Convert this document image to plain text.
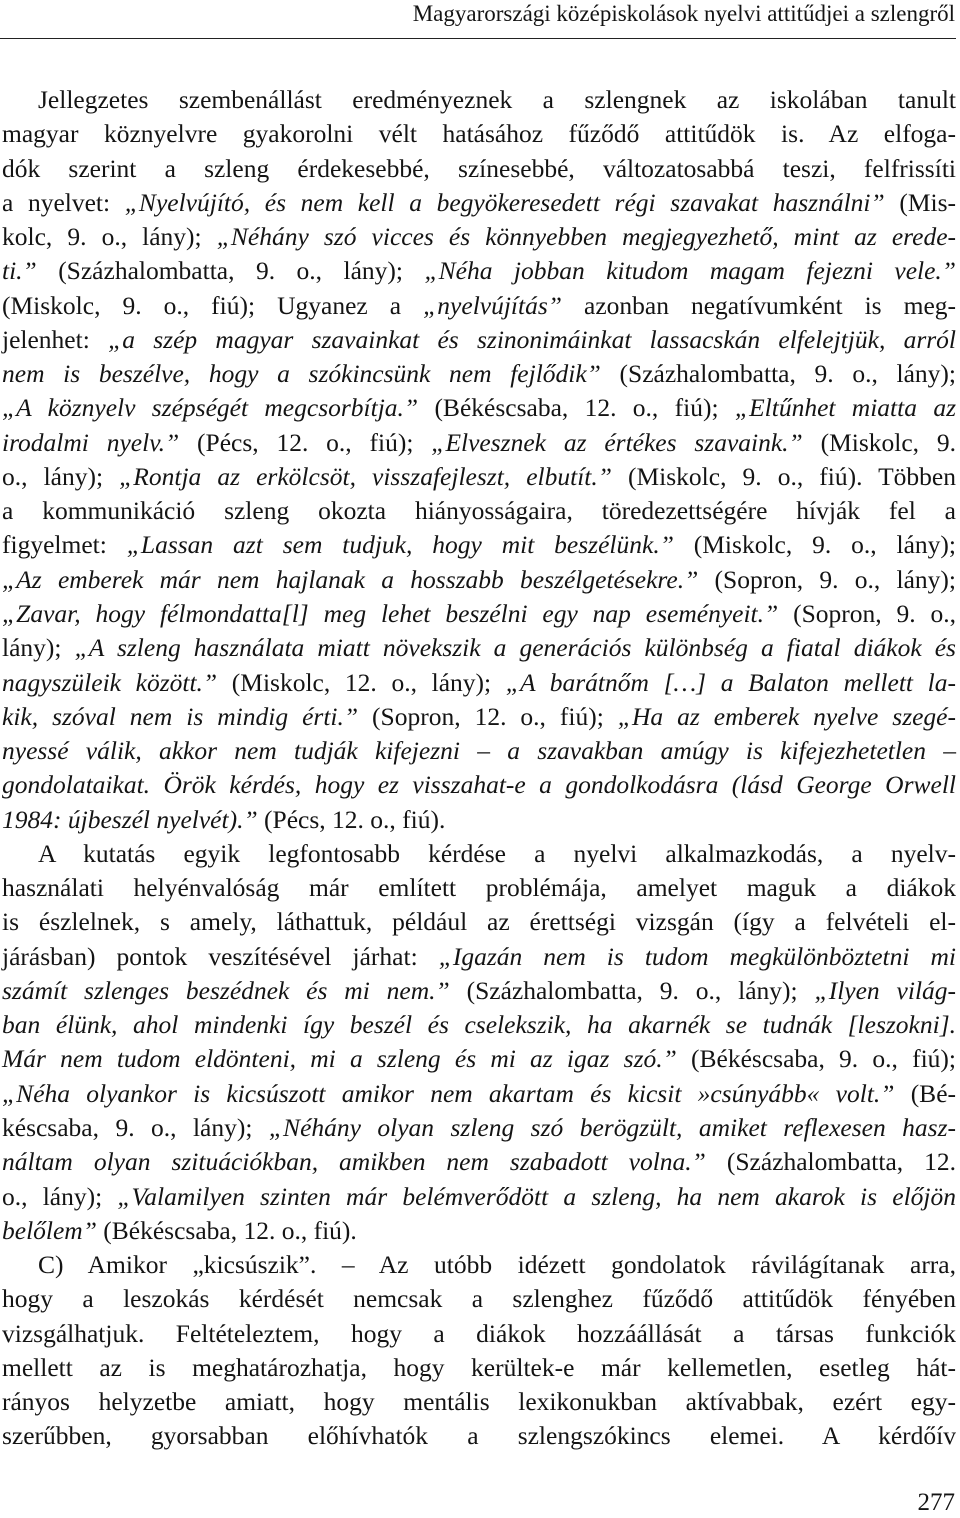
Magyarországi középiskolások nyelvi attitűdjei a szlengről
Jellegzetes szembenállást eredményeznek a szlengnek az iskolában tanult
magyar köznyelvre gyakorolni vélt hatásához fűződő attitűdök is. Az elfoga-
dók szerint a szleng érdekesebbé, színesebbé, változatosabbá teszi, felfrissíti
a nyelvet: „Nyelvújító, és nem kell a begyökeresedett régi szavakat használni” (Mis-
kolc, 9. o., lány); „Néhány szó vicces és könnyebben megjegyezhető, mint az erede-
ti.” (Százhalombatta, 9. o., lány); „Néha jobban kitudom magam fejezni vele.”
(Miskolc, 9. o., fiú); Ugyanez a „nyelvújítás” azonban negatívumként is meg-
jelenhet: „a szép magyar szavainkat és szinonimáinkat lassacskán elfelejtjük, arról
nem is beszélve, hogy a szókincsünk nem fejlődik” (Százhalombatta, 9. o., lány);
„A köznyelv szépségét megcsorbítja.” (Békéscsaba, 12. o., fiú); „Eltűnhet miatta az
irodalmi nyelv.” (Pécs, 12. o., fiú); „Elvesznek az értékes szavaink.” (Miskolc, 9.
o., lány); „Rontja az erkölcsöt, visszafejleszt, elbutít.” (Miskolc, 9. o., fiú). Többen
a kommunikáció szleng okozta hiányosságaira, töredezettségére hívják fel a
figyelmet: „Lassan azt sem tudjuk, hogy mit beszélünk.” (Miskolc, 9. o., lány);
„Az emberek már nem hajlanak a hosszabb beszélgetésekre.” (Sopron, 9. o., lány);
„Zavar, hogy félmondatta[l] meg lehet beszélni egy nap eseményeit.” (Sopron, 9. o.,
lány); „A szleng használata miatt növekszik a generációs különbség a fiatal diákok és
nagyszüleik között.” (Miskolc, 12. o., lány); „A barátnőm […] a Balaton mellett la-
kik, szóval nem is mindig érti.” (Sopron, 12. o., fiú); „Ha az emberek nyelve szegé-
nyessé válik, akkor nem tudják kifejezni – a szavakban amúgy is kifejezhetetlen –
gondolataikat. Örök kérdés, hogy ez visszahat-e a gondolkodásra (lásd George Orwell
1984: újbeszél nyelvét).” (Pécs, 12. o., fiú).
A kutatás egyik legfontosabb kérdése a nyelvi alkalmazkodás, a nyelv-
használati helyénvalóság már említett problémája, amelyet maguk a diákok
is észlelnek, s amely, láthattuk, például az érettségi vizsgán (így a felvételi el-
járásban) pontok veszítésével járhat: „Igazán nem is tudom megkülönböztetni mi
számít szlenges beszédnek és mi nem.” (Százhalombatta, 9. o., lány); „Ilyen világ-
ban élünk, ahol mindenki így beszél és cselekszik, ha akarnék se tudnák [leszokni].
Már nem tudom eldönteni, mi a szleng és mi az igaz szó.” (Békéscsaba, 9. o., fiú);
„Néha olyankor is kicsúszott amikor nem akartam és kicsit »csúnyább« volt.” (Bé-
késcsaba, 9. o., lány); „Néhány olyan szleng szó berögzült, amiket reflexesen hasz-
náltam olyan szituációkban, amikben nem szabadott volna.” (Százhalombatta, 12.
o., lány); „Valamilyen szinten már belémverődött a szleng, ha nem akarok is előjön
belőlem” (Békéscsaba, 12. o., fiú).
C) Amikor „kicsúszik”. – Az utóbb idézett gondolatok rávilágítanak arra,
hogy a leszokás kérdését nemcsak a szlenghez fűződő attitűdök fényében
vizsgálhatjuk. Feltételeztem, hogy a diákok hozzáállását a társas funkciók
mellett az is meghatározhatja, hogy kerültek-e már kellemetlen, esetleg hát-
rányos helyzetbe amiatt, hogy mentális lexikonukban aktívabbak, ezért egy-
szerűbben, gyorsabban előhívhatók a szlengszókincs elemei. A kérdőív
277
